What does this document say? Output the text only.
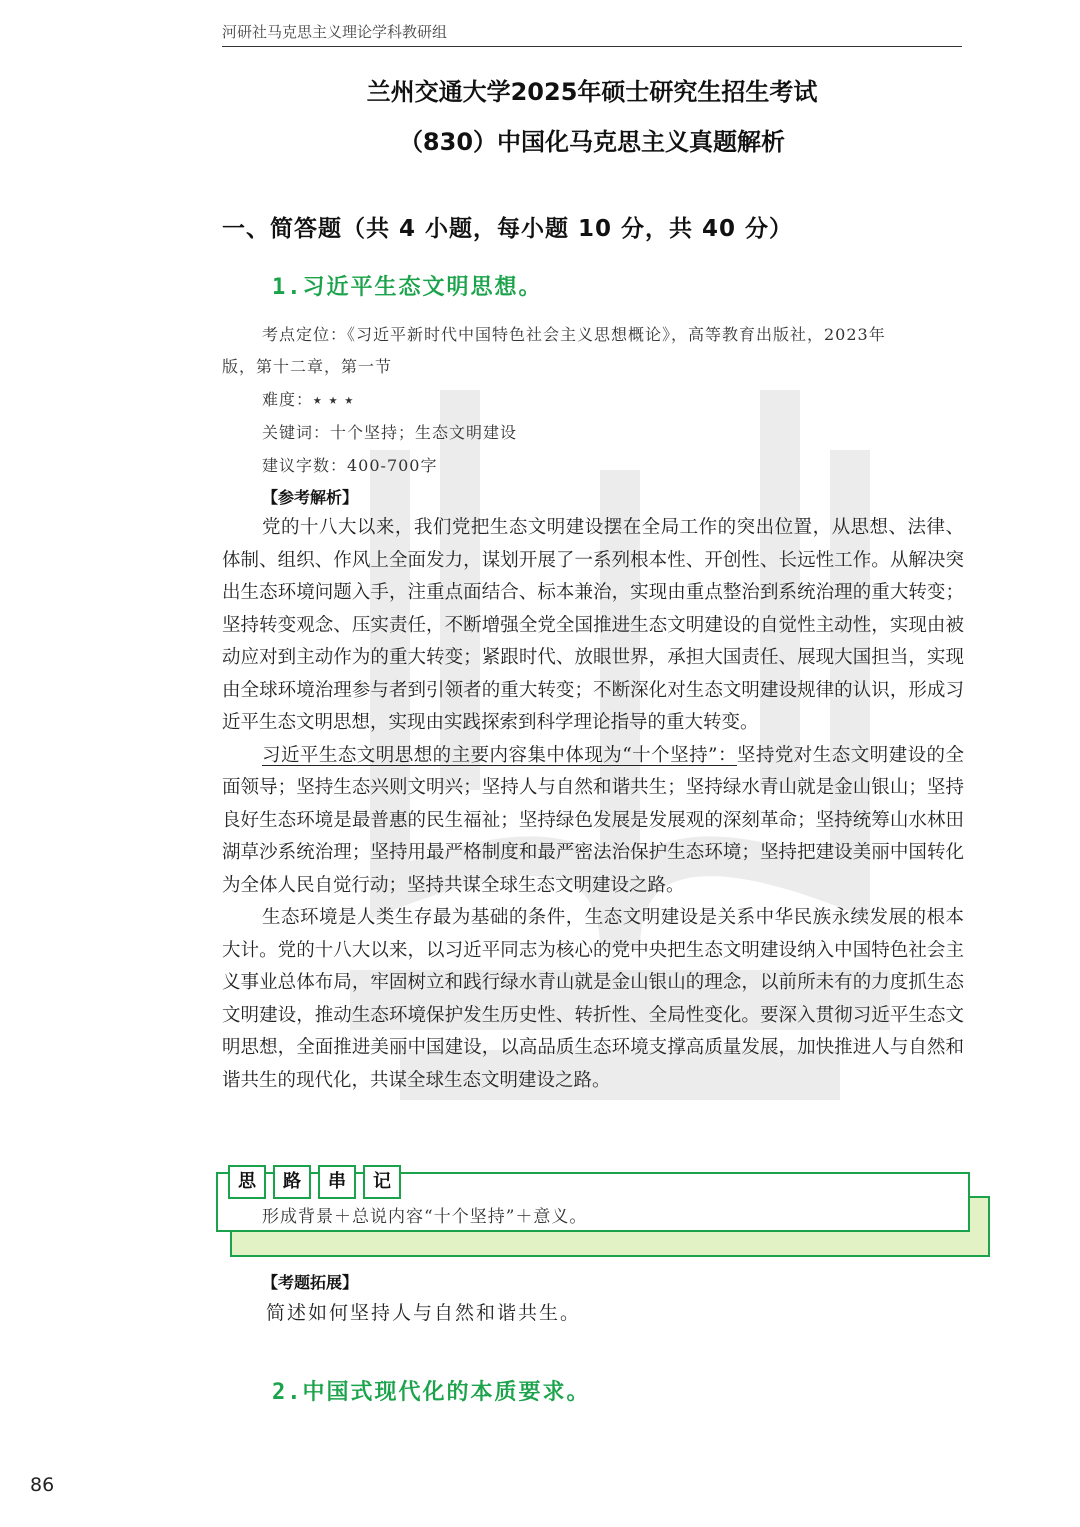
河研社马克思主义理论学科教研组
兰州交通大学2025年硕士研究生招生考试
（830）中国化马克思主义真题解析
一、简答题（共 4 小题，每小题 10 分，共 40 分）
1.习近平生态文明思想。
考点定位：《习近平新时代中国特色社会主义思想概论》，高等教育出版社，2023年
版，第十二章，第一节
难度：⭑ ⭑ ⭑
关键词：十个坚持；生态文明建设
建议字数：400-700字
【参考解析】

党的十八大以来，我们党把生态文明建设摆在全局工作的突出位置，从思想、法律、体制、组织、作风上全面发力，谋划开展了一系列根本性、开创性、长远性工作。从解决突出生态环境问题入手，注重点面结合、标本兼治，实现由重点整治到系统治理的重大转变；坚持转变观念、压实责任，不断增强全党全国推进生态文明建设的自觉性主动性，实现由被动应对到主动作为的重大转变；紧跟时代、放眼世界，承担大国责任、展现大国担当，实现由全球环境治理参与者到引领者的重大转变；不断深化对生态文明建设规律的认识，形成习近平生态文明思想，实现由实践探索到科学理论指导的重大转变。

习近平生态文明思想的主要内容集中体现为“十个坚持”：坚持党对生态文明建设的全面领导；坚持生态兴则文明兴；坚持人与自然和谐共生；坚持绿水青山就是金山银山；坚持良好生态环境是最普惠的民生福祉；坚持绿色发展是发展观的深刻革命；坚持统筹山水林田湖草沙系统治理；坚持用最严格制度和最严密法治保护生态环境；坚持把建设美丽中国转化为全体人民自觉行动；坚持共谋全球生态文明建设之路。

生态环境是人类生存最为基础的条件，生态文明建设是关系中华民族永续发展的根本大计。党的十八大以来，以习近平同志为核心的党中央把生态文明建设纳入中国特色社会主义事业总体布局，牢固树立和践行绿水青山就是金山银山的理念，以前所未有的力度抓生态文明建设，推动生态环境保护发生历史性、转折性、全局性变化。要深入贯彻习近平生态文明思想，全面推进美丽中国建设，以高品质生态环境支撑高质量发展，加快推进人与自然和谐共生的现代化，共谋全球生态文明建设之路。

思	路	串	记
形成背景＋总说内容“十个坚持”＋意义。
【考题拓展】
简述如何坚持人与自然和谐共生。
2.中国式现代化的本质要求。
86
